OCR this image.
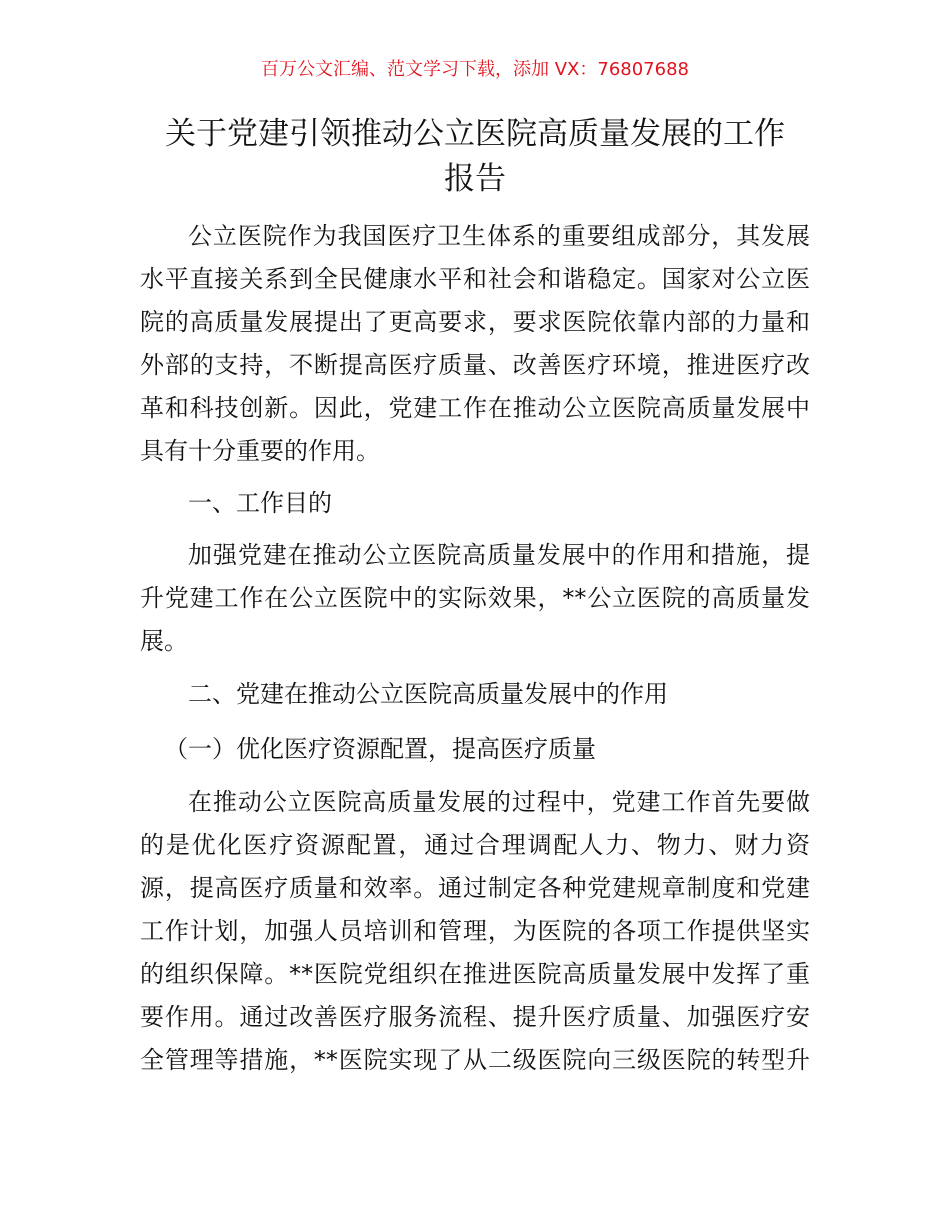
百万公文汇编、范文学习下载，添加 VX：76807688
关于党建引领推动公立医院高质量发展的工作
报告
公立医院作为我国医疗卫生体系的重要组成部分，其发展
水平直接关系到全民健康水平和社会和谐稳定。国家对公立医
院的高质量发展提出了更高要求，要求医院依靠内部的力量和
外部的支持，不断提高医疗质量、改善医疗环境，推进医疗改
革和科技创新。因此，党建工作在推动公立医院高质量发展中
具有十分重要的作用。
一、工作目的
加强党建在推动公立医院高质量发展中的作用和措施，提
升党建工作在公立医院中的实际效果，**公立医院的高质量发
展。
二、党建在推动公立医院高质量发展中的作用
（一）优化医疗资源配置，提高医疗质量
在推动公立医院高质量发展的过程中，党建工作首先要做
的是优化医疗资源配置，通过合理调配人力、物力、财力资
源，提高医疗质量和效率。通过制定各种党建规章制度和党建
工作计划，加强人员培训和管理，为医院的各项工作提供坚实
的组织保障。**医院党组织在推进医院高质量发展中发挥了重
要作用。通过改善医疗服务流程、提升医疗质量、加强医疗安
全管理等措施，**医院实现了从二级医院向三级医院的转型升
